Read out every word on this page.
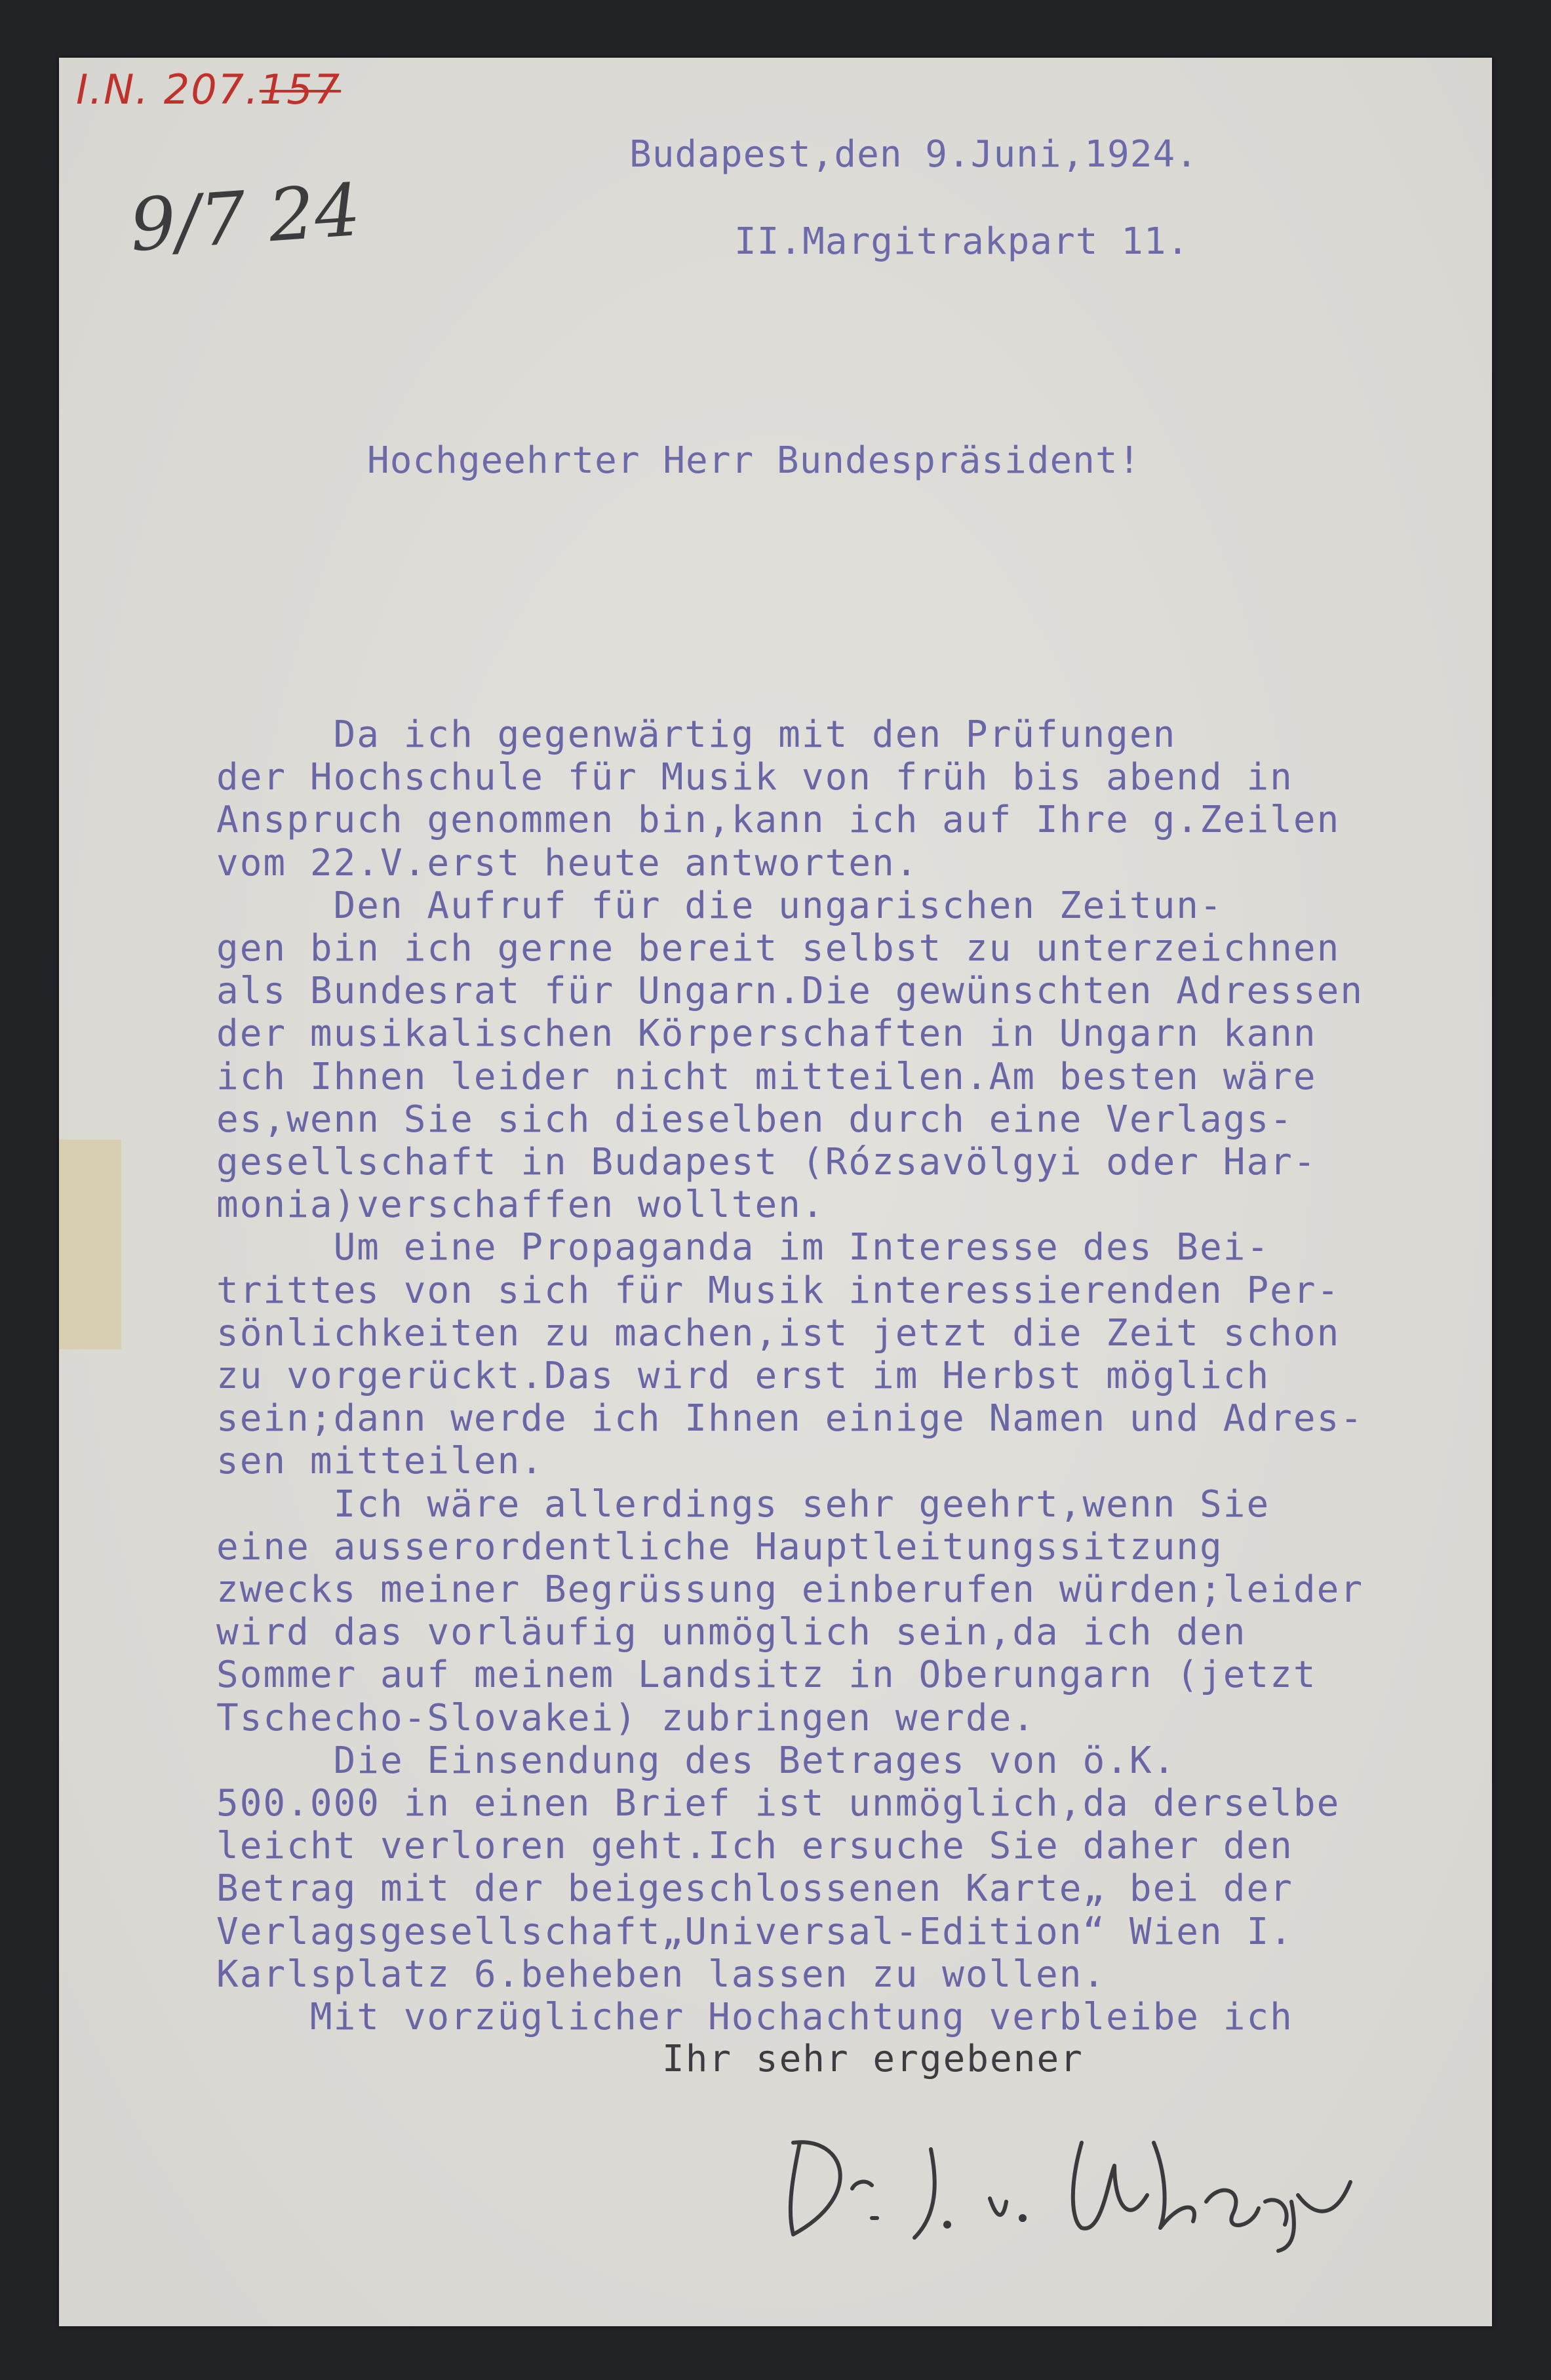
I.N. 207.157
9/7 24
Budapest,den 9.Juni,1924.
II.Margitrakpart 11.
Hochgeehrter Herr Bundespräsident!
Da ich gegenwärtig mit den Prüfungen
der Hochschule für Musik von früh bis abend in
Anspruch genommen bin,kann ich auf Ihre g.Zeilen
vom 22.V.erst heute antworten.
Den Aufruf für die ungarischen Zeitun-
gen bin ich gerne bereit selbst zu unterzeichnen
als Bundesrat für Ungarn.Die gewünschten Adressen
der musikalischen Körperschaften in Ungarn kann
ich Ihnen leider nicht mitteilen.Am besten wäre
es,wenn Sie sich dieselben durch eine Verlags-
gesellschaft in Budapest (Rózsavölgyi oder Har-
monia)verschaffen wollten.
Um eine Propaganda im Interesse des Bei-
trittes von sich für Musik interessierenden Per-
sönlichkeiten zu machen,ist jetzt die Zeit schon
zu vorgerückt.Das wird erst im Herbst möglich
sein;dann werde ich Ihnen einige Namen und Adres-
sen mitteilen.
Ich wäre allerdings sehr geehrt,wenn Sie
eine ausserordentliche Hauptleitungssitzung
zwecks meiner Begrüssung einberufen würden;leider
wird das vorläufig unmöglich sein,da ich den
Sommer auf meinem Landsitz in Oberungarn (jetzt
Tschecho-Slovakei) zubringen werde.
Die Einsendung des Betrages von ö.K.
500.000 in einen Brief ist unmöglich,da derselbe
leicht verloren geht.Ich ersuche Sie daher den
Betrag mit der beigeschlossenen Karte„ bei der
Verlagsgesellschaft„Universal-Edition“ Wien I.
Karlsplatz 6.beheben lassen zu wollen.
Mit vorzüglicher Hochachtung verbleibe ich
Ihr sehr ergebener
